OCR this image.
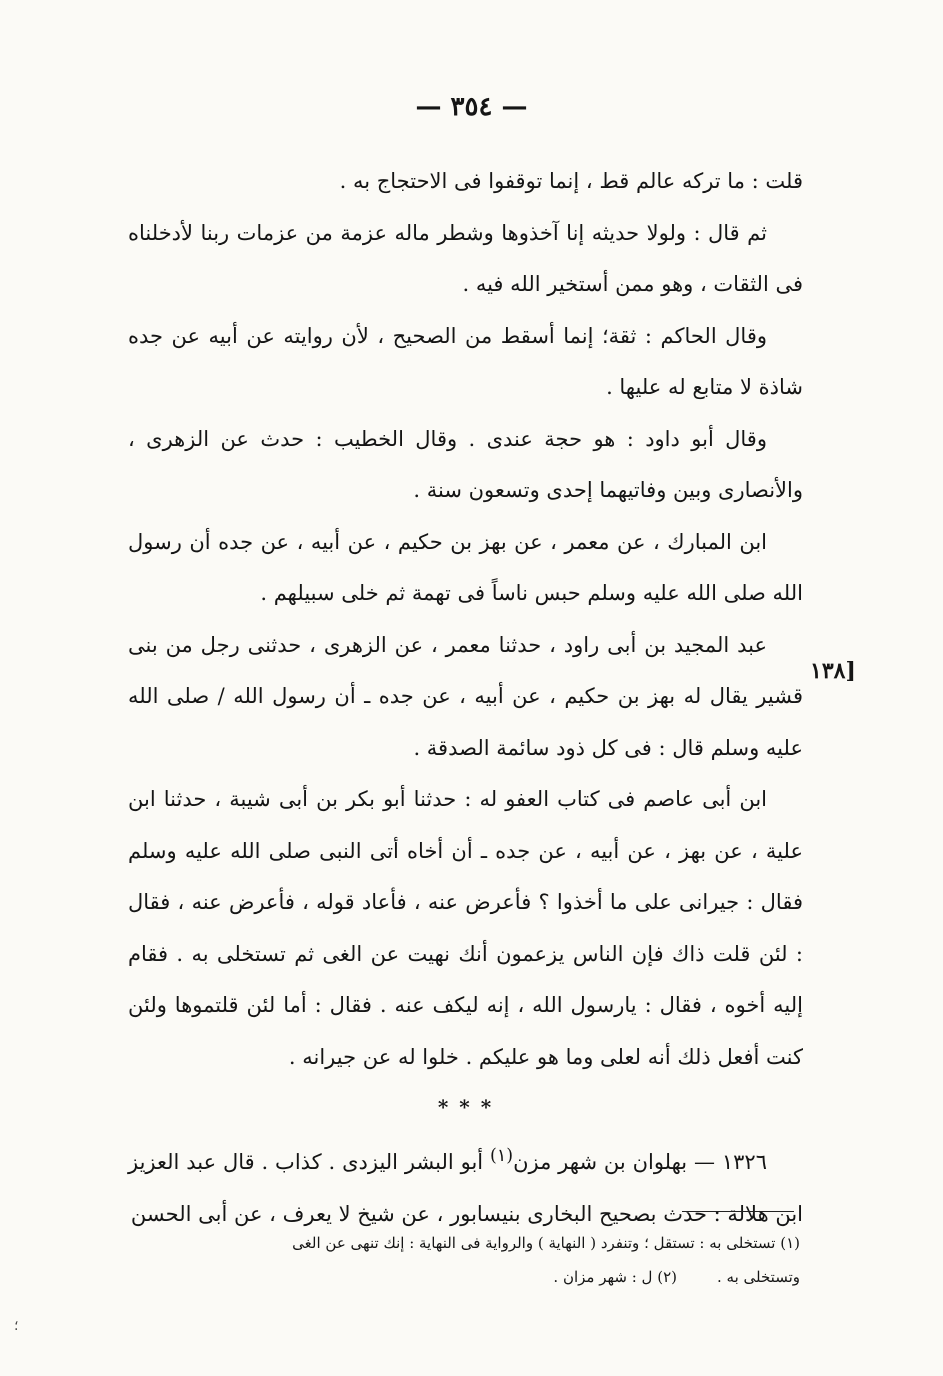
— ٣٥٤ —
[١٣٨

قلت : ما تركه عالم قط ، إنما توقفوا فى الاحتجاج به .

ثم قال : ولولا حديثه إنا آخذوها وشطر ماله عزمة من عزمات ربنا لأدخلناه فى الثقات ، وهو ممن أستخير الله فيه .

وقال الحاكم : ثقة؛ إنما أسقط من الصحيح ، لأن روايته عن أبيه عن جده شاذة لا متابع له عليها .

وقال أبو داود : هو حجة عندى . وقال الخطيب : حدث عن الزهرى ، والأنصارى وبين وفاتيهما إحدى وتسعون سنة .

ابن المبارك ، عن معمر ، عن بهز بن حكيم ، عن أبيه ، عن جده أن رسول الله صلى الله عليه وسلم حبس ناساً فى تهمة ثم خلى سبيلهم .

عبد المجيد بن أبى راود ، حدثنا معمر ، عن الزهرى ، حدثنى رجل من بنى قشير يقال له بهز بن حكيم ، عن أبيه ، عن جده ـ أن رسول الله / صلى الله عليه وسلم قال : فى كل ذود سائمة الصدقة .

ابن أبى عاصم فى كتاب العفو له : حدثنا أبو بكر بن أبى شيبة ، حدثنا ابن علية ، عن بهز ، عن أبيه ، عن جده ـ أن أخاه أتى النبى صلى الله عليه وسلم فقال : جيرانى على ما أخذوا ؟ فأعرض عنه ، فأعاد قوله ، فأعرض عنه ، فقال : لئن قلت ذاك فإن الناس يزعمون أنك نهيت عن الغى ثم تستخلى به . فقام إليه أخوه ، فقال : يارسول الله ، إنه ليكف عنه . فقال : أما لئن قلتموها ولئن كنت أفعل ذلك أنه لعلى وما هو عليكم . خلوا له عن جيرانه .

* * *

١٣٢٦ — بهلوان بن شهر مزن$^{(١)}$ أبو البشر اليزدى . كذاب . قال عبد العزيز ابن هلالة : حدث بصحيح البخارى بنيسابور ، عن شيخ لا يعرف ، عن أبى الحسن

(١) تستخلى به : تستقل ؛ وتنفرد ( النهاية ) والرواية فى النهاية : إنك تنهى عن الغى

وتستخلى به .(٢) ل : شهر مزان .

؛
